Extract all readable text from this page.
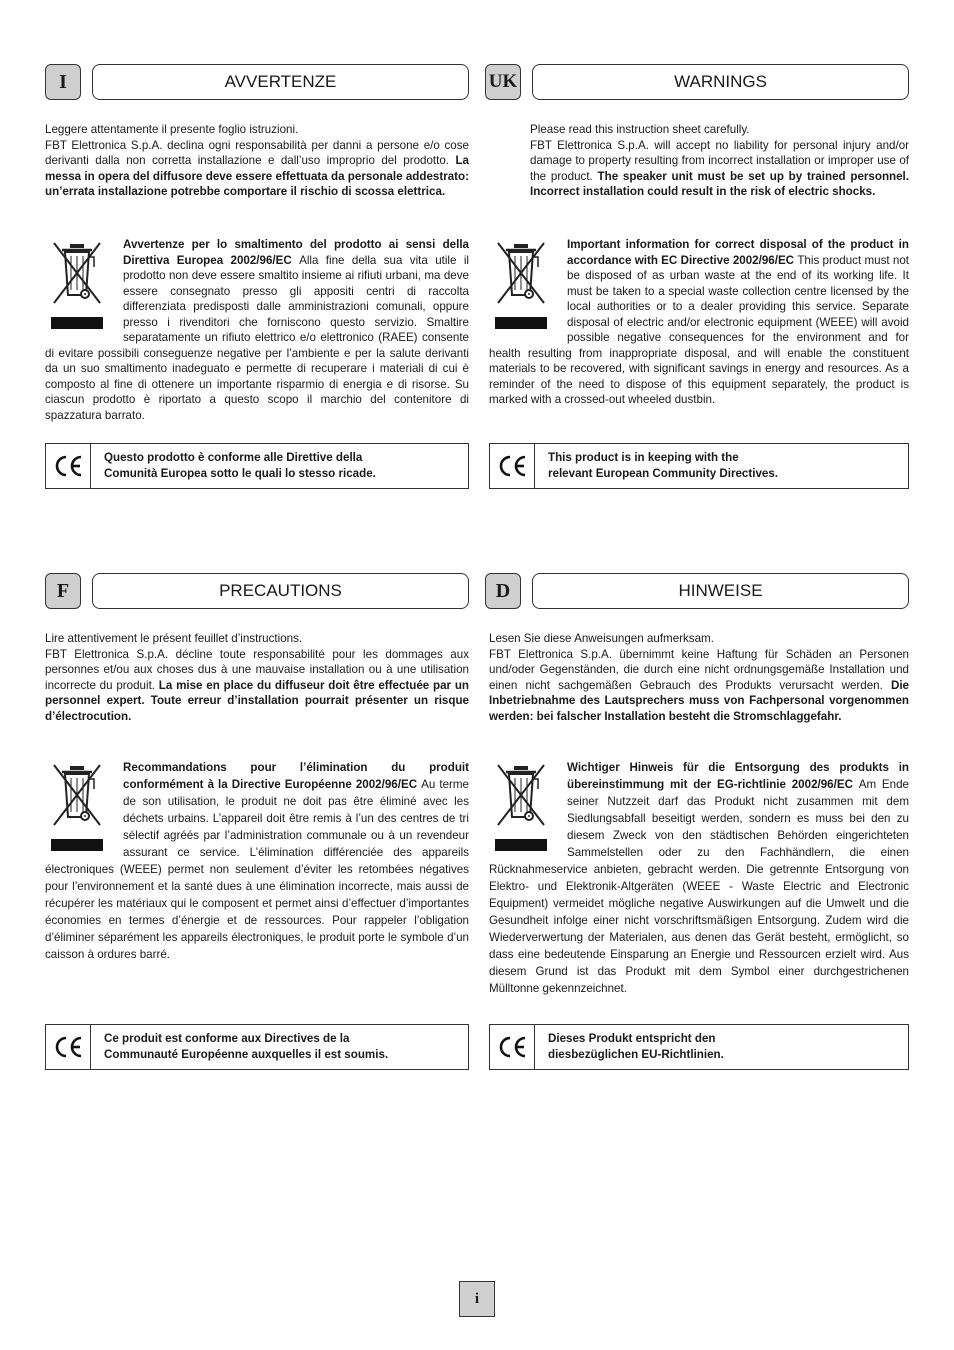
I	AVVERTENZE
Leggere attentamente il presente foglio istruzioni.
FBT Elettronica S.p.A. declina ogni responsabilità per danni a persone e/o cose derivanti dalla non corretta installazione e dall’uso improprio del prodotto. La messa in opera del diffusore deve essere effettuata da personale addestrato: un’errata installazione potrebbe comportare il rischio di scossa elettrica.
Avvertenze per lo smaltimento del prodotto ai sensi della Direttiva Europea 2002/96/EC Alla fine della sua vita utile il prodotto non deve essere smaltito insieme ai rifiuti urbani, ma deve essere consegnato presso gli appositi centri di raccolta differenziata predisposti dalle amministrazioni comunali, oppure presso i rivenditori che forniscono questo servizio. Smaltire separatamente un rifiuto elettrico e/o elettronico (RAEE) consente di evitare possibili conseguenze negative per l’ambiente e per la salute derivanti da un suo smaltimento inadeguato e permette di recuperare i materiali di cui è composto al fine di ottenere un importante risparmio di energia e di risorse. Su ciascun prodotto è riportato a questo scopo il marchio del contenitore di spazzatura barrato.
Questo prodotto è conforme alle Direttive della
Comunità Europea sotto le quali lo stesso ricade.
UK	WARNINGS
Please read this instruction sheet carefully.
FBT Elettronica S.p.A. will accept no liability for personal injury and/or damage to property resulting from incorrect installation or improper use of the product. The speaker unit must be set up by trained personnel. Incorrect installation could result in the risk of electric shocks.
Important information for correct disposal of the product in accordance with EC Directive 2002/96/EC This product must not be disposed of as urban waste at the end of its working life. It must be taken to a special waste collection centre licensed by the local authorities or to a dealer providing this service. Separate disposal of electric and/or electronic equipment (WEEE) will avoid possible negative consequences for the environment and for health resulting from inappropriate disposal, and will enable the constituent materials to be recovered, with significant savings in energy and resources. As a reminder of the need to dispose of this equipment separately, the product is marked with a crossed-out wheeled dustbin.
This product is in keeping with the
relevant European Community Directives.
F	PRECAUTIONS
Lire attentivement le présent feuillet d’instructions.
FBT Elettronica S.p.A. décline toute responsabilité pour les dommages aux personnes et/ou aux choses dus à une mauvaise installation ou à une utilisation incorrecte du produit. La mise en place du diffuseur doit être effectuée par un personnel expert. Toute erreur d’installation pourrait présenter un risque d’électrocution.
Recommandations pour l’élimination du produit conformément à la Directive Européenne 2002/96/EC Au terme de son utilisation, le produit ne doit pas être éliminé avec les déchets urbains. L’appareil doit être remis à l’un des centres de tri sélectif agréés par l’administration communale ou à un revendeur assurant ce service. L’élimination différenciée des appareils électroniques (WEEE) permet non seulement d’éviter les retombées négatives pour l’environnement et la santé dues à une élimination incorrecte, mais aussi de récupérer les matériaux qui le composent et permet ainsi d’effectuer d’importantes économies en termes d’énergie et de ressources. Pour rappeler l’obligation d’éliminer séparément les appareils électroniques, le produit porte le symbole d’un caisson à ordures barré.
Ce produit est conforme aux Directives de la
Communauté Européenne auxquelles il est soumis.
D	HINWEISE
Lesen Sie diese Anweisungen aufmerksam.
FBT Elettronica S.p.A. übernimmt keine Haftung für Schäden an Personen und/oder Gegenständen, die durch eine nicht ordnungsgemäße Installation und einen nicht sachgemäßen Gebrauch des Produkts verursacht werden. Die Inbetriebnahme des Lautsprechers muss von Fachpersonal vorgenommen werden: bei falscher Installation besteht die Stromschlaggefahr.
Wichtiger Hinweis für die Entsorgung des produkts in übereinstimmung mit der EG-richtlinie 2002/96/EC Am Ende seiner Nutzzeit darf das Produkt nicht zusammen mit dem Siedlungsabfall beseitigt werden, sondern es muss bei den zu diesem Zweck von den städtischen Behörden eingerichteten Sammelstellen oder zu den Fachhändlern, die einen Rücknahmeservice anbieten, gebracht werden. Die getrennte Entsorgung von Elektro- und Elektronik-Altgeräten (WEEE - Waste Electric and Electronic Equipment) vermeidet mögliche negative Auswirkungen auf die Umwelt und die Gesundheit infolge einer nicht vorschriftsmäßigen Entsorgung. Zudem wird die Wiederverwertung der Materialen, aus denen das Gerät besteht, ermöglicht, so dass eine bedeutende Einsparung an Energie und Ressourcen erzielt wird. Aus diesem Grund ist das Produkt mit dem Symbol einer durchgestrichenen Mülltonne gekennzeichnet.
Dieses Produkt entspricht den
diesbezüglichen EU-Richtlinien.
i
